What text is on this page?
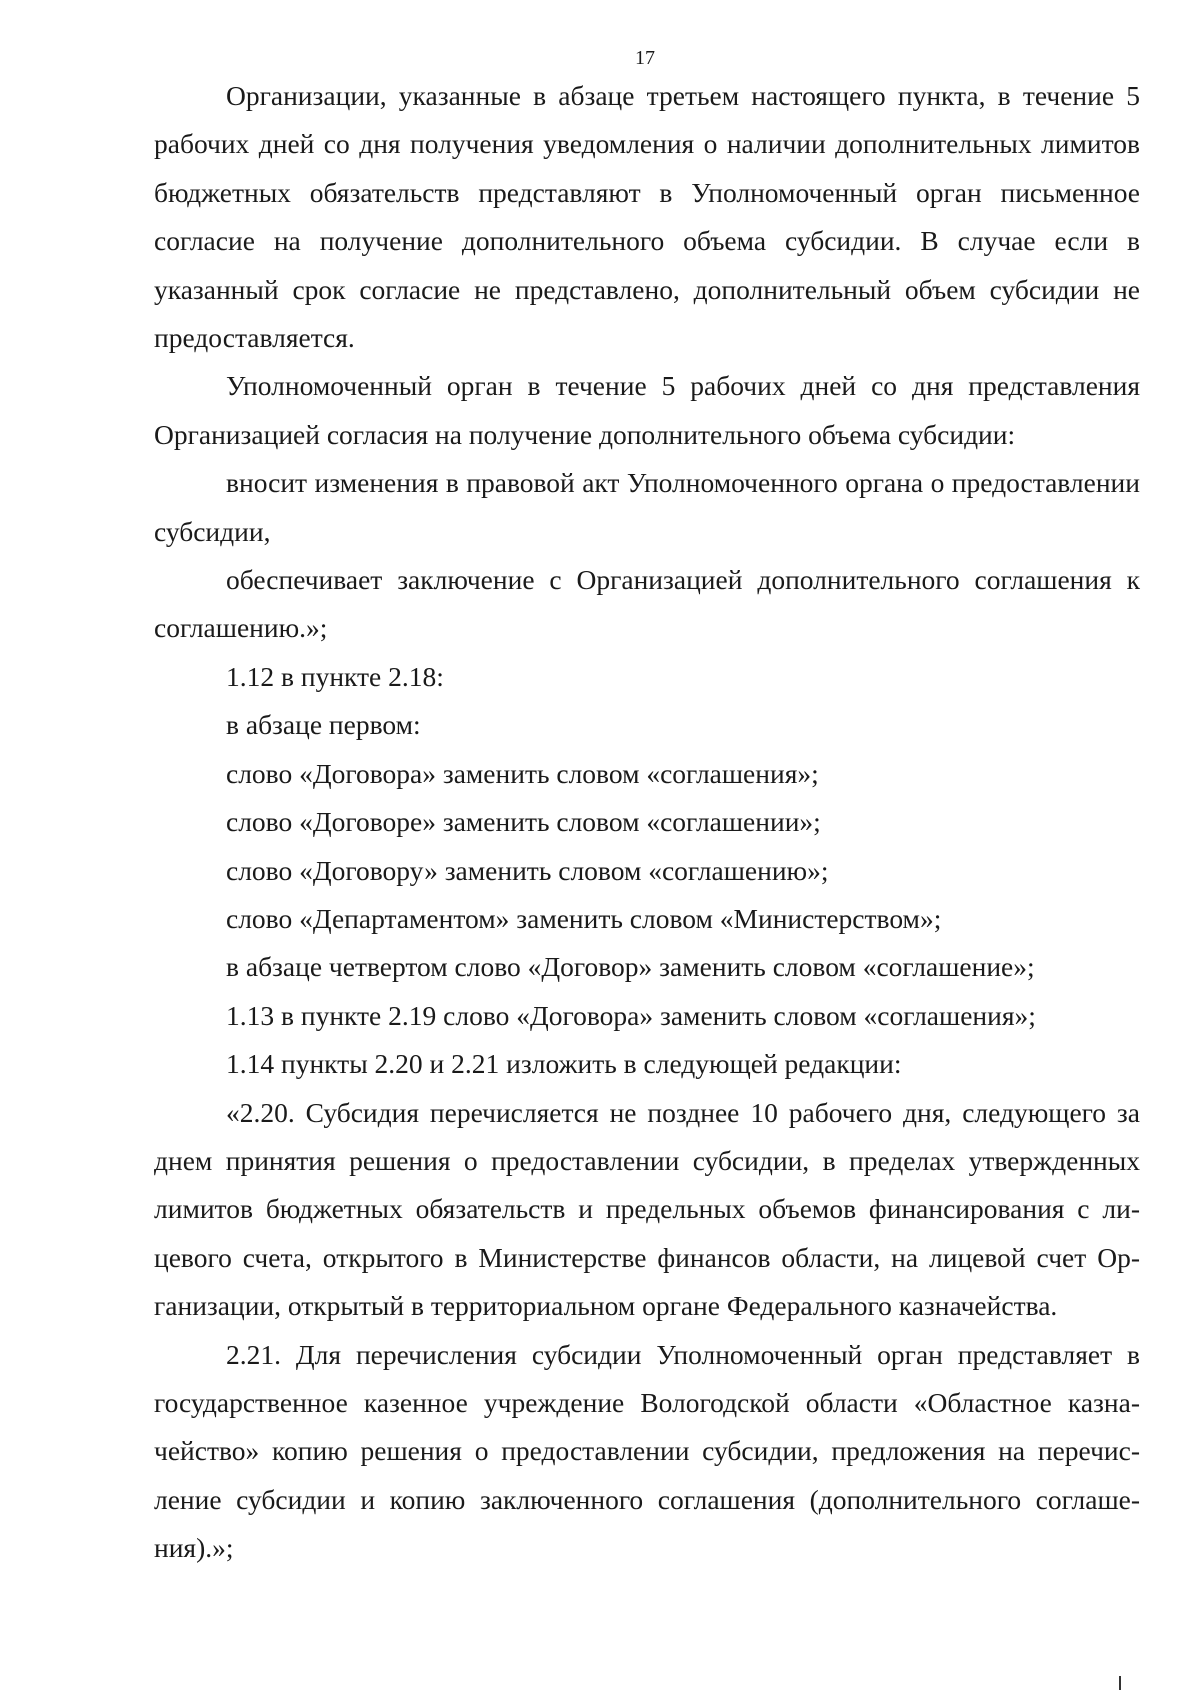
17

Организации, указанные в абзаце третьем настоящего пункта, в течение 5 рабочих дней со дня получения уведомления о наличии дополнительных лимитов бюджетных обязательств представляют в Уполномоченный орган письменное согласие на получение дополнительного объема субсидии. В случае если в указанный срок согласие не представлено, дополнительный объем субсидии не предоставляется.

Уполномоченный орган в течение 5 рабочих дней со дня представления Организацией согласия на получение дополнительного объема субсидии:

вносит изменения в правовой акт Уполномоченного органа о предоставлении субсидии,

обеспечивает заключение с Организацией дополнительного соглашения к соглашению.»;

1.12 в пункте 2.18:

в абзаце первом:

слово «Договора» заменить словом «соглашения»;

слово «Договоре» заменить словом «соглашении»;

слово «Договору» заменить словом «соглашению»;

слово «Департаментом» заменить словом «Министерством»;

в абзаце четвертом слово «Договор» заменить словом «соглашение»;

1.13 в пункте 2.19 слово «Договора» заменить словом «соглашения»;

1.14 пункты 2.20 и 2.21 изложить в следующей редакции:

«2.20. Субсидия перечисляется не позднее 10 рабочего дня, следующего за днем принятия решения о предоставлении субсидии, в пределах утвержденных лимитов бюджетных обязательств и предельных объемов финансирования с лицевого счета, открытого в Министерстве финансов области, на лицевой счет Организации, открытый в территориальном органе Федерального казначейства.

2.21. Для перечисления субсидии Уполномоченный орган представляет в государственное казенное учреждение Вологодской области «Областное казначейство» копию решения о предоставлении субсидии, предложения на перечисление субсидии и копию заключенного соглашения (дополнительного соглашения).»;
